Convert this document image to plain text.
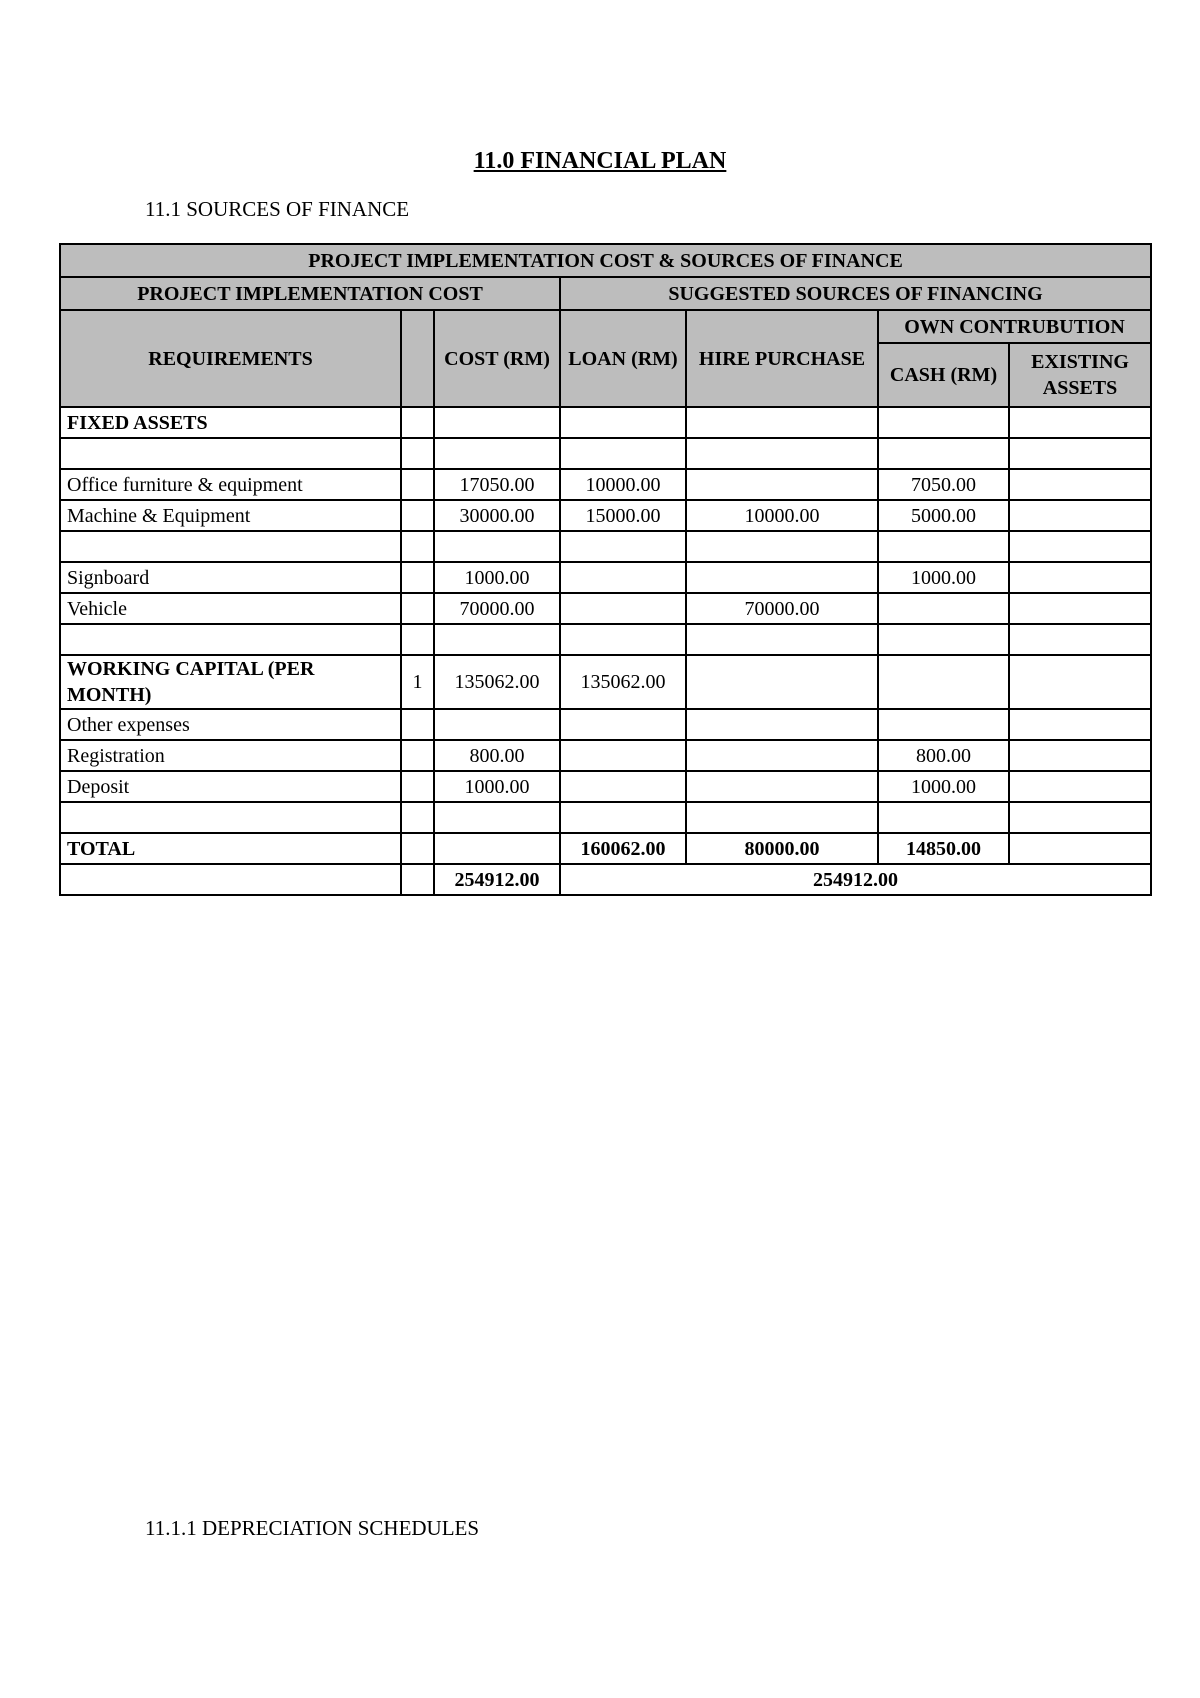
11.0 FINANCIAL PLAN

11.1 SOURCES OF FINANCE

PROJECT IMPLEMENTATION COST & SOURCES OF FINANCE						
PROJECT IMPLEMENTATION COST			SUGGESTED SOURCES OF FINANCING			
REQUIREMENTS		COST (RM)	LOAN (RM)	HIRE PURCHASE	OWN CONTRUBUTION	
					CASH (RM)	EXISTING ASSETS
FIXED ASSETS						

Office furniture & equipment		17050.00	10000.00		7050.00	
Machine & Equipment		30000.00	15000.00	10000.00	5000.00	

Signboard		1000.00			1000.00	
Vehicle		70000.00		70000.00		

WORKING CAPITAL (PER MONTH)	1	135062.00	135062.00			
Other expenses						
Registration		800.00			800.00	
Deposit		1000.00			1000.00	

TOTAL			160062.00	80000.00	14850.00	
		254912.00	254912.00			

11.1.1 DEPRECIATION SCHEDULES
